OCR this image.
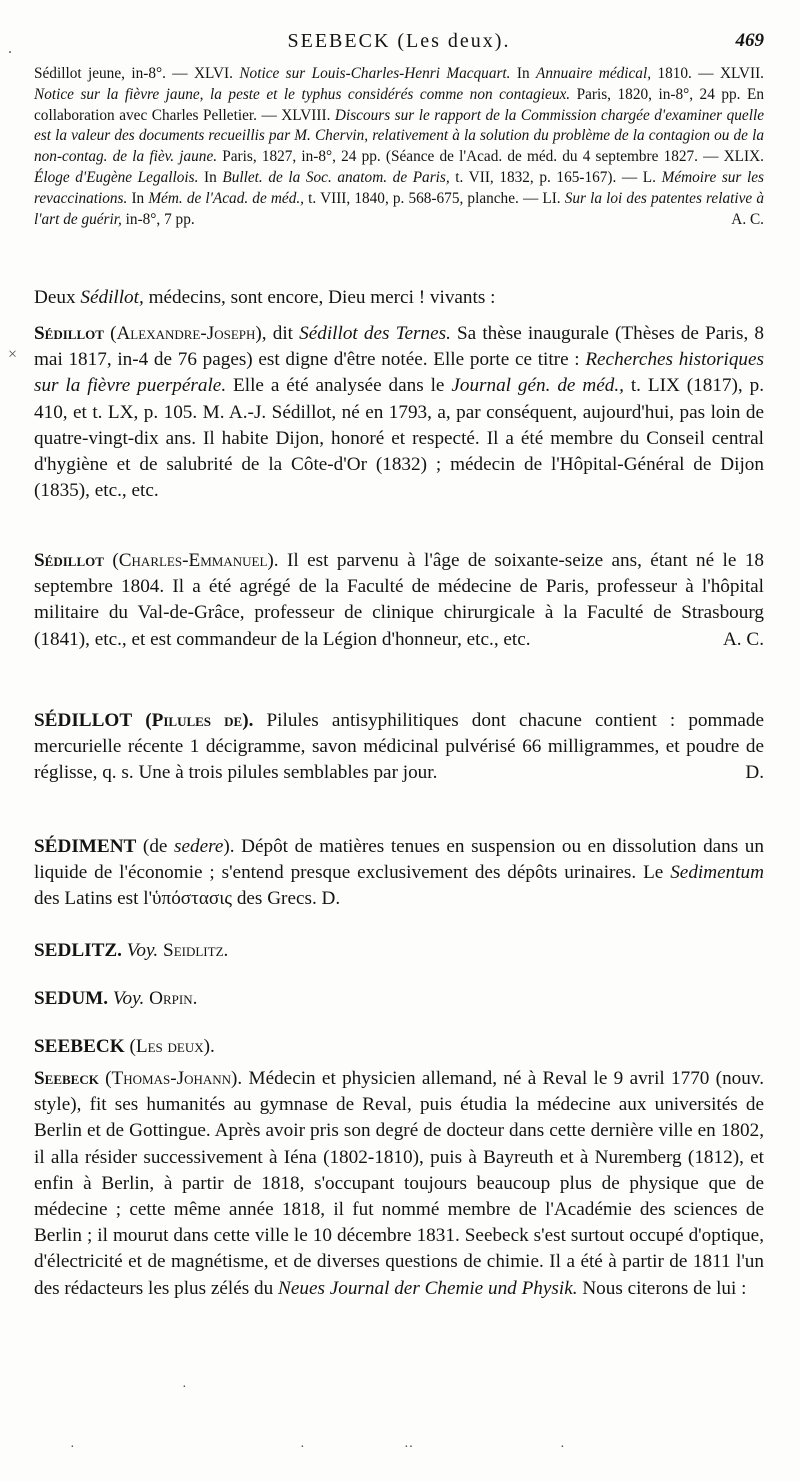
SEEBECK (Les deux).	469
.
×
Sédillot jeune, in-8°. — XLVI. Notice sur Louis-Charles-Henri Macquart. In Annuaire médical, 1810. — XLVII. Notice sur la fièvre jaune, la peste et le typhus considérés comme non contagieux. Paris, 1820, in-8°, 24 pp. En collaboration avec Charles Pelletier. — XLVIII. Discours sur le rapport de la Commission chargée d'examiner quelle est la valeur des documents recueillis par M. Chervin, relativement à la solution du problème de la contagion ou de la non-contag. de la fièv. jaune. Paris, 1827, in-8°, 24 pp. (Séance de l'Acad. de méd. du 4 septembre 1827. — XLIX. Éloge d'Eugène Legallois. In Bullet. de la Soc. anatom. de Paris, t. VII, 1832, p. 165-167). — L. Mémoire sur les revaccinations. In Mém. de l'Acad. de méd., t. VIII, 1840, p. 568-675, planche. — LI. Sur la loi des patentes relative à l'art de guérir, in-8°, 7 pp.	A. C.
Deux Sédillot, médecins, sont encore, Dieu merci ! vivants :
Sédillot (Alexandre-Joseph), dit Sédillot des Ternes. Sa thèse inaugurale (Thèses de Paris, 8 mai 1817, in-4 de 76 pages) est digne d'être notée. Elle porte ce titre : Recherches historiques sur la fièvre puerpérale. Elle a été analysée dans le Journal gén. de méd., t. LIX (1817), p. 410, et t. LX, p. 105. M. A.-J. Sédillot, né en 1793, a, par conséquent, aujourd'hui, pas loin de quatre-vingt-dix ans. Il habite Dijon, honoré et respecté. Il a été membre du Conseil central d'hygiène et de salubrité de la Côte-d'Or (1832) ; médecin de l'Hôpital-Général de Dijon (1835), etc., etc.
Sédillot (Charles-Emmanuel). Il est parvenu à l'âge de soixante-seize ans, étant né le 18 septembre 1804. Il a été agrégé de la Faculté de médecine de Paris, professeur à l'hôpital militaire du Val-de-Grâce, professeur de clinique chirurgicale à la Faculté de Strasbourg (1841), etc., et est commandeur de la Légion d'honneur, etc., etc.	A. C.
SÉDILLOT (Pilules de). Pilules antisyphilitiques dont chacune contient : pommade mercurielle récente 1 décigramme, savon médicinal pulvérisé 66 milligrammes, et poudre de réglisse, q. s. Une à trois pilules semblables par jour.	D.
SÉDIMENT (de sedere). Dépôt de matières tenues en suspension ou en dissolution dans un liquide de l'économie ; s'entend presque exclusivement des dépôts urinaires. Le Sedimentum des Latins est l'ὑπόστασις des Grecs. D.
SEDLITZ. Voy. Seidlitz.
SEDUM. Voy. Orpin.
SEEBECK (Les deux).
Seebeck (Thomas-Johann). Médecin et physicien allemand, né à Reval le 9 avril 1770 (nouv. style), fit ses humanités au gymnase de Reval, puis étudia la médecine aux universités de Berlin et de Gottingue. Après avoir pris son degré de docteur dans cette dernière ville en 1802, il alla résider successivement à Iéna (1802-1810), puis à Bayreuth et à Nuremberg (1812), et enfin à Berlin, à partir de 1818, s'occupant toujours beaucoup plus de physique que de médecine ; cette même année 1818, il fut nommé membre de l'Académie des sciences de Berlin ; il mourut dans cette ville le 10 décembre 1831. Seebeck s'est surtout occupé d'optique, d'électricité et de magnétisme, et de diverses questions de chimie. Il a été à partir de 1811 l'un des rédacteurs les plus zélés du Neues Journal der Chemie und Physik. Nous citerons de lui :
·
·	·	··	·
